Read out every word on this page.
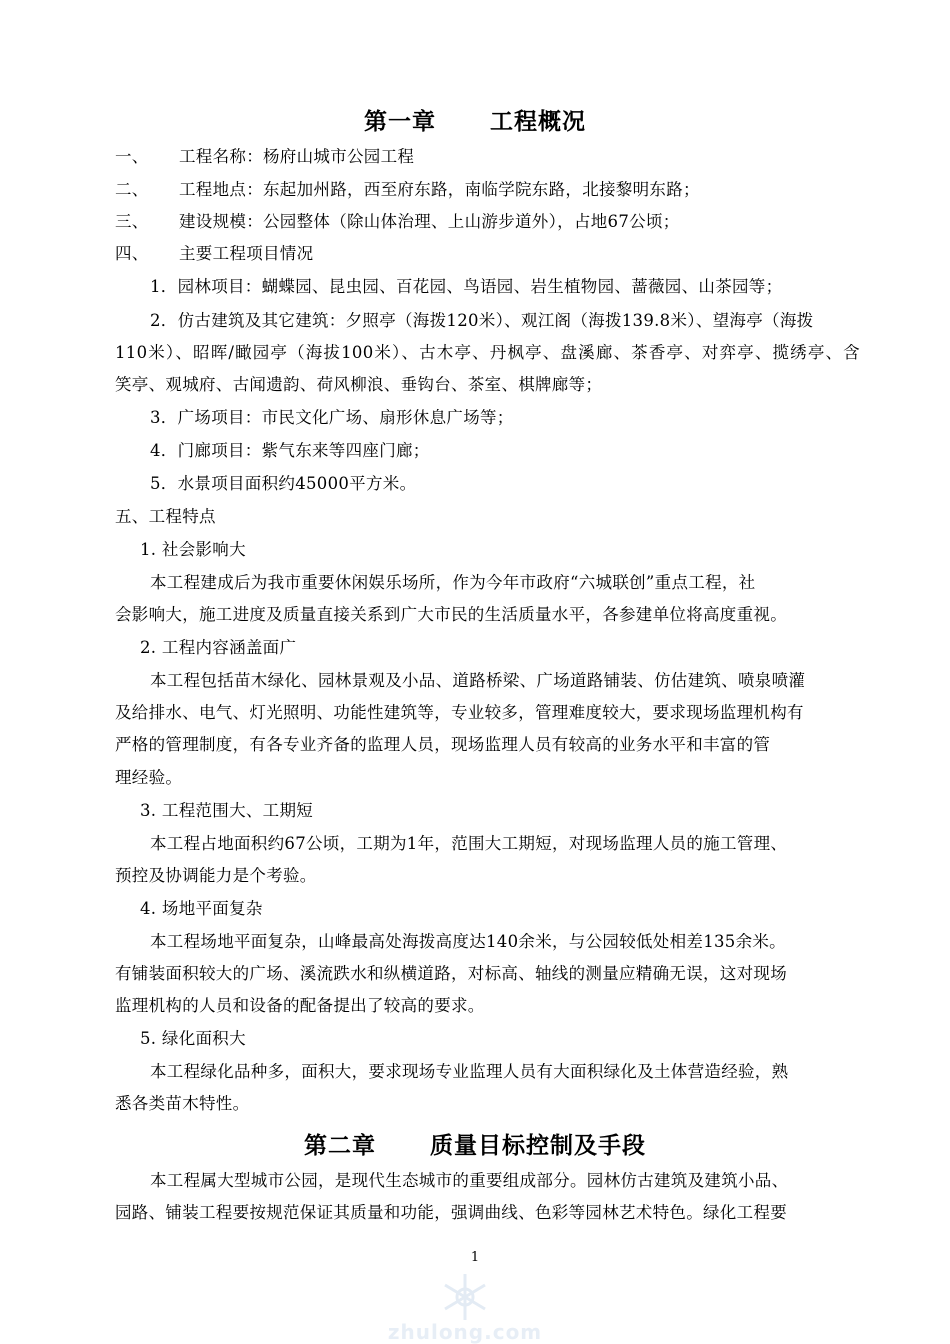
第一章      工程概况
一、	工程名称：杨府山城市公园工程
二、	工程地点：东起加州路，西至府东路，南临学院东路，北接黎明东路；
三、	建设规模：公园整体（除山体治理、上山游步道外），占地67公顷；
四、	主要工程项目情况
1．园林项目：蝴蝶园、昆虫园、百花园、鸟语园、岩生植物园、蔷薇园、山茶园等；
2．仿古建筑及其它建筑：夕照亭（海拨120米）、观江阁（海拨139.8米）、望海亭（海拨
110米）、昭晖/瞰园亭（海拔100米）、古木亭、丹枫亭、盘溪廊、茶香亭、对弈亭、揽绣亭、含
笑亭、观城府、古闻遗韵、荷风柳浪、垂钩台、茶室、棋牌廊等；
3．广场项目：市民文化广场、扇形休息广场等；
4．门廊项目：紫气东来等四座门廊；
5．水景项目面积约45000平方米。
五、工程特点
1. 社会影响大
本工程建成后为我市重要休闲娱乐场所，作为今年市政府“六城联创”重点工程，社
会影响大，施工进度及质量直接关系到广大市民的生活质量水平，各参建单位将高度重视。
2. 工程内容涵盖面广
本工程包括苗木绿化、园林景观及小品、道路桥梁、广场道路铺装、仿估建筑、喷泉喷灌
及给排水、电气、灯光照明、功能性建筑等，专业较多，管理难度较大，要求现场监理机构有
严格的管理制度，有各专业齐备的监理人员，现场监理人员有较高的业务水平和丰富的管
理经验。
3. 工程范围大、工期短
本工程占地面积约67公顷，工期为1年，范围大工期短，对现场监理人员的施工管理、
预控及协调能力是个考验。
4. 场地平面复杂
本工程场地平面复杂，山峰最高处海拨高度达140余米，与公园较低处相差135余米。
有铺装面积较大的广场、溪流跌水和纵横道路，对标高、轴线的测量应精确无误，这对现场
监理机构的人员和设备的配备提出了较高的要求。
5. 绿化面积大
本工程绿化品种多，面积大，要求现场专业监理人员有大面积绿化及土体营造经验，熟
悉各类苗木特性。
第二章      质量目标控制及手段
本工程属大型城市公园，是现代生态城市的重要组成部分。园林仿古建筑及建筑小品、
园路、铺装工程要按规范保证其质量和功能，强调曲线、色彩等园林艺术特色。绿化工程要
1
zhulong.com
